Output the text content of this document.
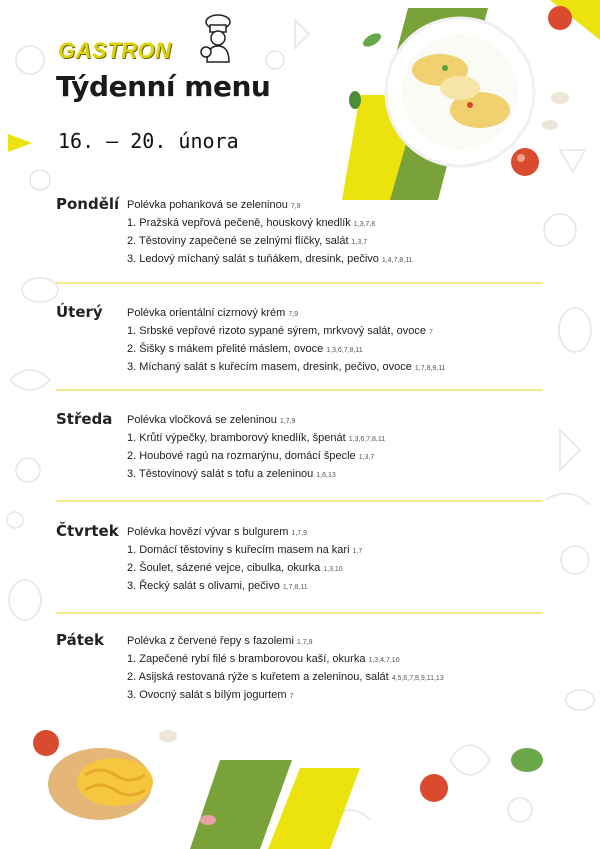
GASTRON
Týdenní menu
16. – 20. února
Pondělí Polévka pohanková se zeleninou 7,9
1. Pražská vepřová pečeně, houskový knedlík 1,3,7,8
2. Těstoviny zapečené se zelnými flíčky, salát 1,3,7
3. Ledový míchaný salát s tuňákem, dresink, pečivo 1,4,7,8,11
Úterý Polévka orientální cizrnový krém 7,9
1. Srbské vepřové rizoto sypané sýrem, mrkvový salát, ovoce 7
2. Šišky s mákem přelité máslem, ovoce 1,3,6,7,8,11
3. Míchaný salát s kuřecím masem, dresink, pečivo, ovoce 1,7,8,9,11
Středa Polévka vločková se zeleninou 1,7,9
1. Krůtí výpečky, bramborový knedlík, špenát 1,3,6,7,8,11
2. Houbové ragú na rozmarýnu, domácí špecle 1,3,7
3. Těstovinový salát s tofu a zeleninou 1,6,13
Čtvrtek Polévka hovězí vývar s bulgurem 1,7,9
1. Domácí těstoviny s kuřecím masem na kari 1,7
2. Šoulet, sázené vejce, cibulka, okurka 1,3,10
3. Řecký salát s olivami, pečivo 1,7,8,11
Pátek Polévka z červené řepy s fazolemi 1,7,9
1. Zapečené rybí filé s bramborovou kaší, okurka 1,3,4,7,10
2. Asijská restovaná rýže s kuřetem a zeleninou, salát 4,5,6,7,8,9,11,13
3. Ovocný salát s bílým jogurtem 7
